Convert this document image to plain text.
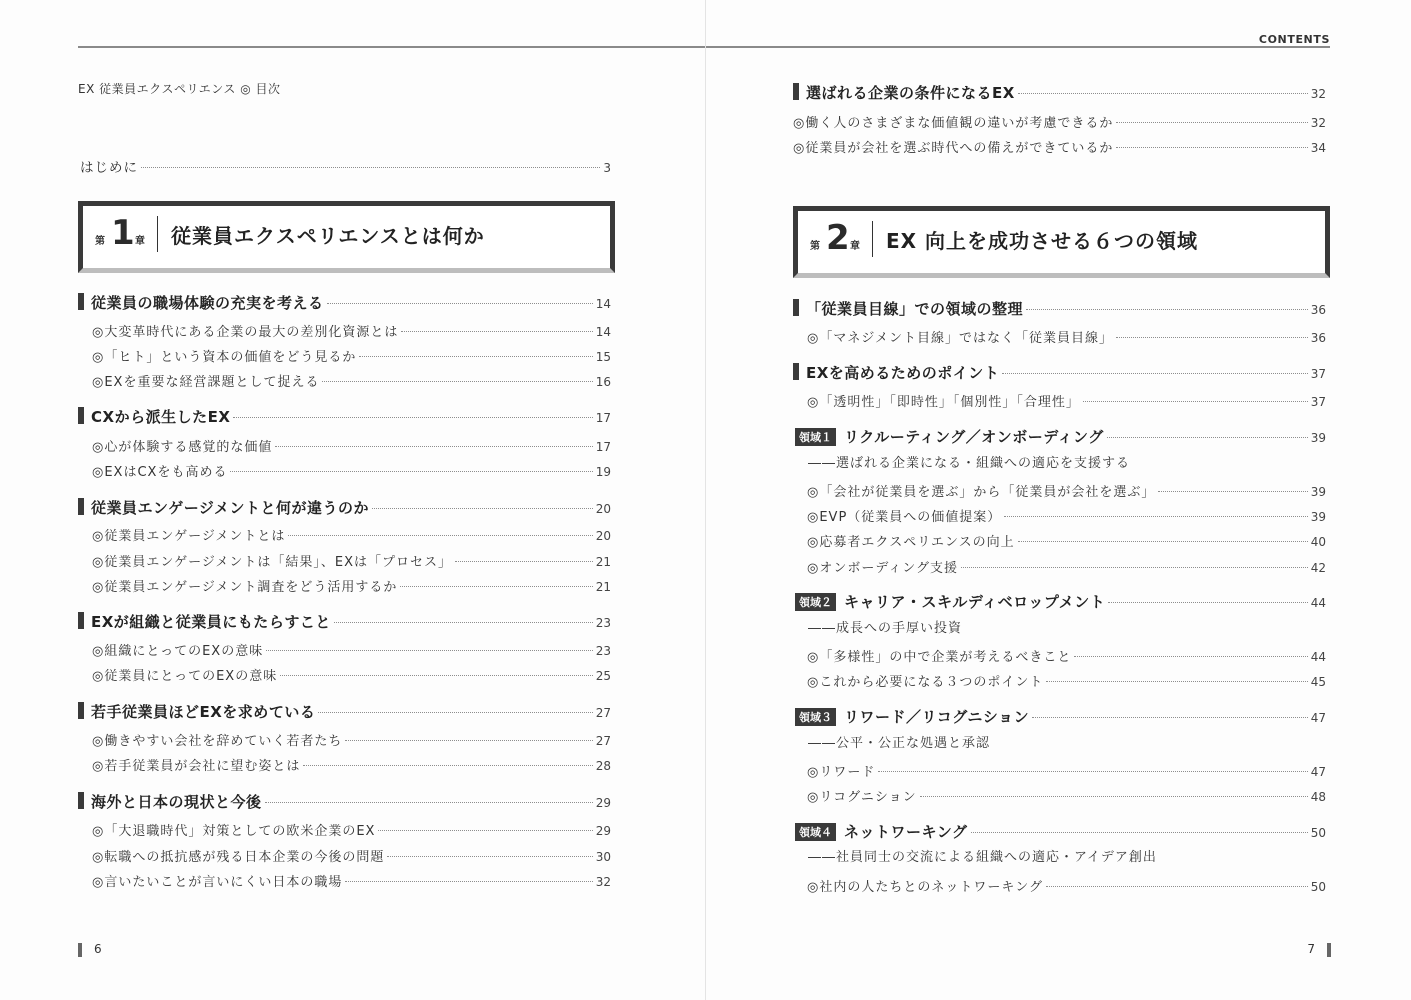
EX 従業員エクスペリエンス ◎ 目次
CONTENTS
はじめに	3
第 1 章 従業員エクスペリエンスとは何か
従業員の職場体験の充実を考える	14
◎大変革時代にある企業の最大の差別化資源とは	14
◎「ヒト」という資本の価値をどう見るか	15
◎EXを重要な経営課題として捉える	16
CXから派生したEX	17
◎心が体験する感覚的な価値	17
◎EXはCXをも高める	19
従業員エンゲージメントと何が違うのか	20
◎従業員エンゲージメントとは	20
◎従業員エンゲージメントは「結果」、EXは「プロセス」	21
◎従業員エンゲージメント調査をどう活用するか	21
EXが組織と従業員にもたらすこと	23
◎組織にとってのEXの意味	23
◎従業員にとってのEXの意味	25
若手従業員ほどEXを求めている	27
◎働きやすい会社を辞めていく若者たち	27
◎若手従業員が会社に望む姿とは	28
海外と日本の現状と今後	29
◎「大退職時代」対策としての欧米企業のEX	29
◎転職への抵抗感が残る日本企業の今後の問題	30
◎言いたいことが言いにくい日本の職場	32
選ばれる企業の条件になるEX	32
◎働く人のさまざまな価値観の違いが考慮できるか	32
◎従業員が会社を選ぶ時代への備えができているか	34
第 2 章 EX 向上を成功させる６つの領域
「従業員目線」での領域の整理	36
◎「マネジメント目線」ではなく「従業員目線」	36
EXを高めるためのポイント	37
◎「透明性」「即時性」「個別性」「合理性」	37
領域１ リクルーティング／オンボーディング	39
――選ばれる企業になる・組織への適応を支援する
◎「会社が従業員を選ぶ」から「従業員が会社を選ぶ」	39
◎EVP （従業員への価値提案）	39
◎応募者エクスペリエンスの向上	40
◎オンボーディング支援	42
領域２ キャリア・スキルディベロップメント	44
――成長への手厚い投資
◎「多様性」の中で企業が考えるべきこと	44
◎これから必要になる３つのポイント	45
領域３ リワード／リコグニション	47
――公平・公正な処遇と承認
◎リワード	47
◎リコグニション	48
領域４ ネットワーキング	50
――社員同士の交流による組織への適応・アイデア創出
◎社内の人たちとのネットワーキング	50
6	7
